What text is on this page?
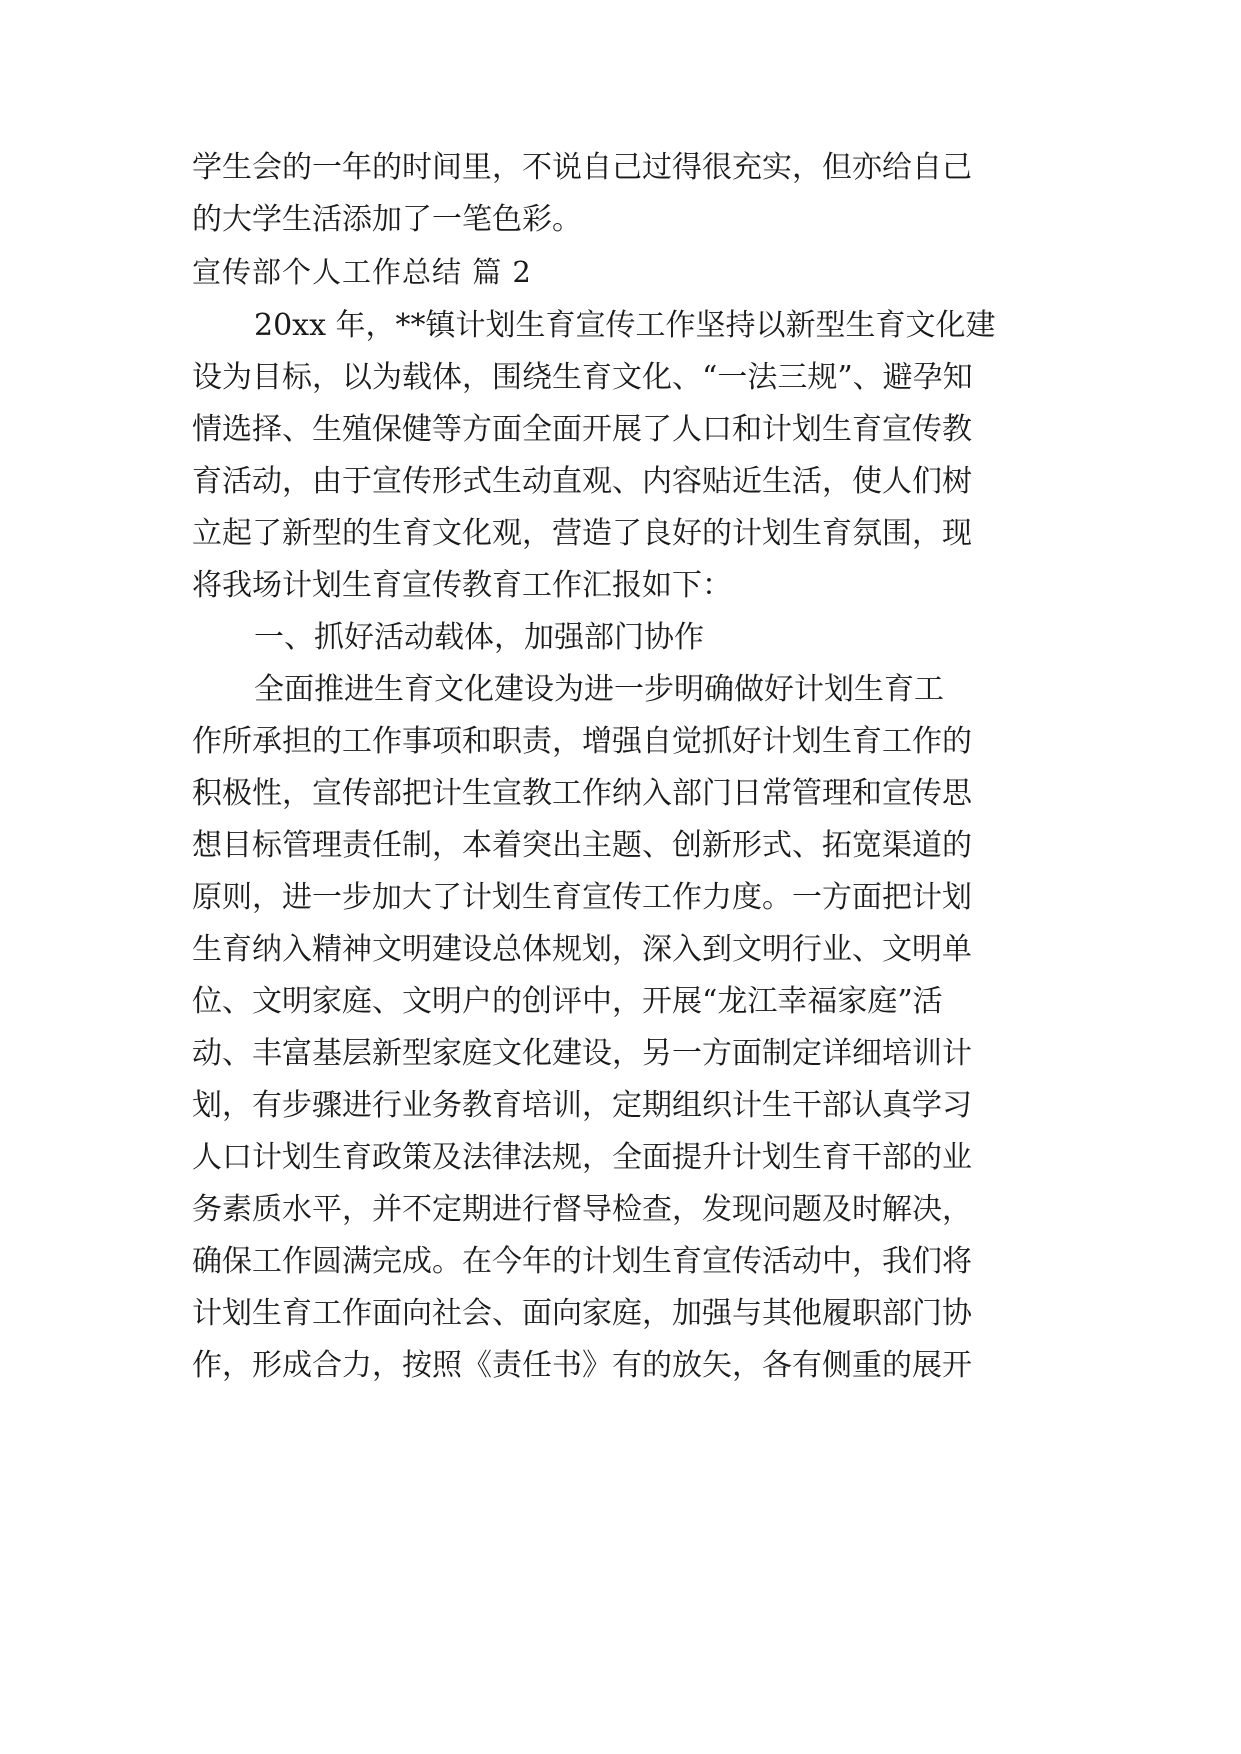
学生会的一年的时间里，不说自己过得很充实，但亦给自己
的大学生活添加了一笔色彩。
宣传部个人工作总结 篇 2
20xx 年，**镇计划生育宣传工作坚持以新型生育文化建
设为目标，以为载体，围绕生育文化、“一法三规”、避孕知
情选择、生殖保健等方面全面开展了人口和计划生育宣传教
育活动，由于宣传形式生动直观、内容贴近生活，使人们树
立起了新型的生育文化观，营造了良好的计划生育氛围，现
将我场计划生育宣传教育工作汇报如下：
一、抓好活动载体，加强部门协作
全面推进生育文化建设为进一步明确做好计划生育工
作所承担的工作事项和职责，增强自觉抓好计划生育工作的
积极性，宣传部把计生宣教工作纳入部门日常管理和宣传思
想目标管理责任制，本着突出主题、创新形式、拓宽渠道的
原则，进一步加大了计划生育宣传工作力度。一方面把计划
生育纳入精神文明建设总体规划，深入到文明行业、文明单
位、文明家庭、文明户的创评中，开展“龙江幸福家庭”活
动、丰富基层新型家庭文化建设，另一方面制定详细培训计
划，有步骤进行业务教育培训，定期组织计生干部认真学习
人口计划生育政策及法律法规，全面提升计划生育干部的业
务素质水平，并不定期进行督导检查，发现问题及时解决，
确保工作圆满完成。在今年的计划生育宣传活动中，我们将
计划生育工作面向社会、面向家庭，加强与其他履职部门协
作，形成合力，按照《责任书》有的放矢，各有侧重的展开
